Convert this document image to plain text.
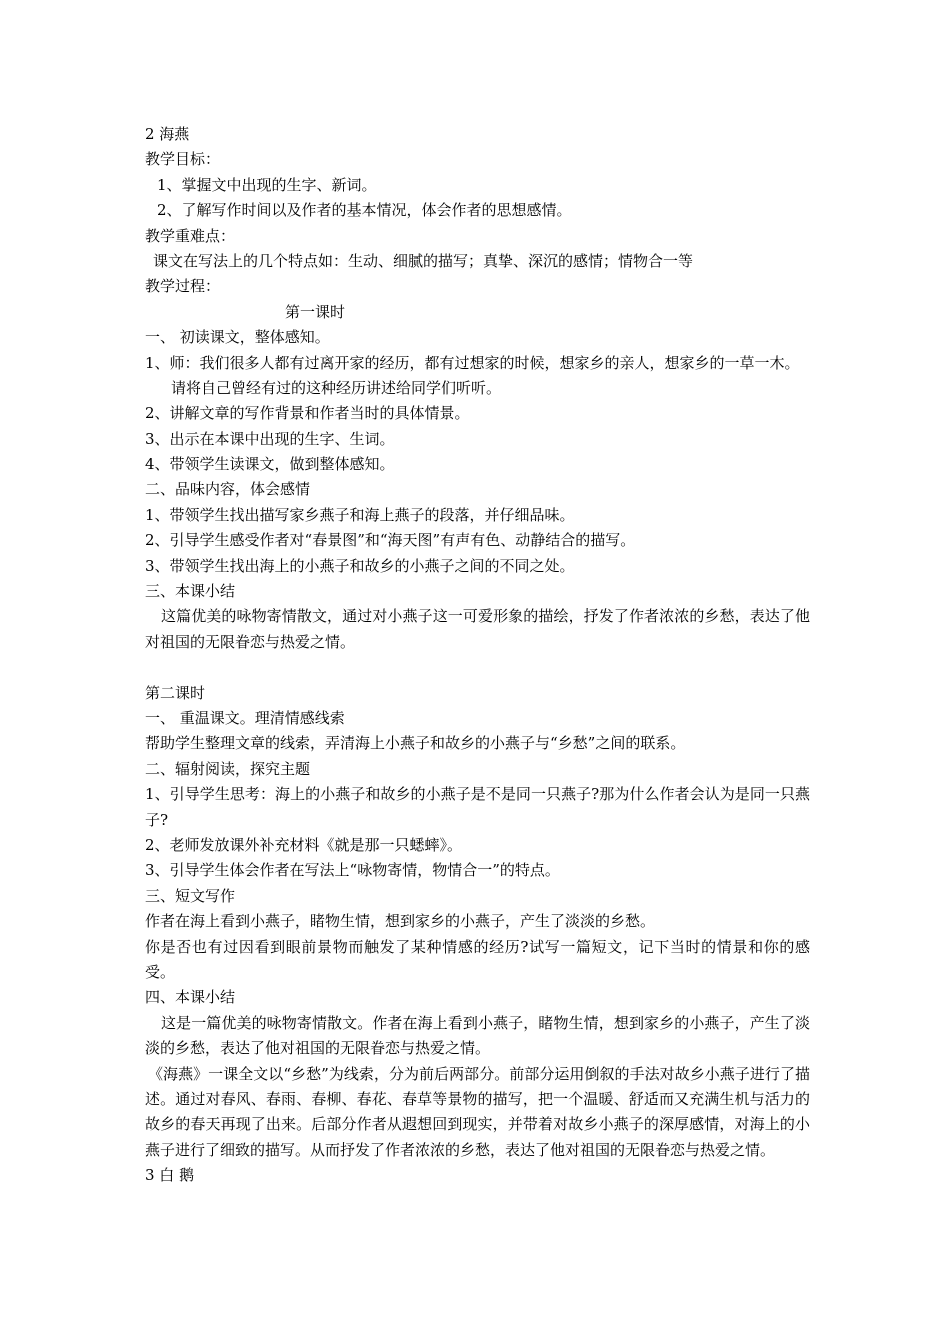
2 海燕
教学目标：
1、掌握文中出现的生字、新词。
2、了解写作时间以及作者的基本情况，体会作者的思想感情。
教学重难点：
课文在写法上的几个特点如：生动、细腻的描写；真挚、深沉的感情；情物合一等
教学过程：
第一课时
一、 初读课文，整体感知。
1、师：我们很多人都有过离开家的经历，都有过想家的时候，想家乡的亲人，想家乡的一草一木。
请将自己曾经有过的这种经历讲述给同学们听听。
2、讲解文章的写作背景和作者当时的具体情景。
3、出示在本课中出现的生字、生词。
4、带领学生读课文，做到整体感知。
二、品味内容，体会感情
1、带领学生找出描写家乡燕子和海上燕子的段落，并仔细品味。
2、引导学生感受作者对“春景图”和“海天图”有声有色、动静结合的描写。
3、带领学生找出海上的小燕子和故乡的小燕子之间的不同之处。
三、本课小结
这篇优美的咏物寄情散文，通过对小燕子这一可爱形象的描绘，抒发了作者浓浓的乡愁，表达了他对祖国的无限眷恋与热爱之情。
第二课时
一、 重温课文。理清情感线索
帮助学生整理文章的线索，弄清海上小燕子和故乡的小燕子与“乡愁”之间的联系。
二、辐射阅读，探究主题
1、引导学生思考：海上的小燕子和故乡的小燕子是不是同一只燕子?那为什么作者会认为是同一只燕子?
2、老师发放课外补充材料《就是那一只蟋蟀》。
3、引导学生体会作者在写法上“咏物寄情，物情合一”的特点。
三、短文写作
作者在海上看到小燕子，睹物生情，想到家乡的小燕子，产生了淡淡的乡愁。
你是否也有过因看到眼前景物而触发了某种情感的经历?试写一篇短文，记下当时的情景和你的感受。
四、本课小结
这是一篇优美的咏物寄情散文。作者在海上看到小燕子，睹物生情，想到家乡的小燕子，产生了淡淡的乡愁，表达了他对祖国的无限眷恋与热爱之情。
《海燕》一课全文以“乡愁”为线索，分为前后两部分。前部分运用倒叙的手法对故乡小燕子进行了描述。通过对春风、春雨、春柳、春花、春草等景物的描写，把一个温暖、舒适而又充满生机与活力的故乡的春天再现了出来。后部分作者从遐想回到现实，并带着对故乡小燕子的深厚感情，对海上的小燕子进行了细致的描写。从而抒发了作者浓浓的乡愁，表达了他对祖国的无限眷恋与热爱之情。
3 白 鹅
